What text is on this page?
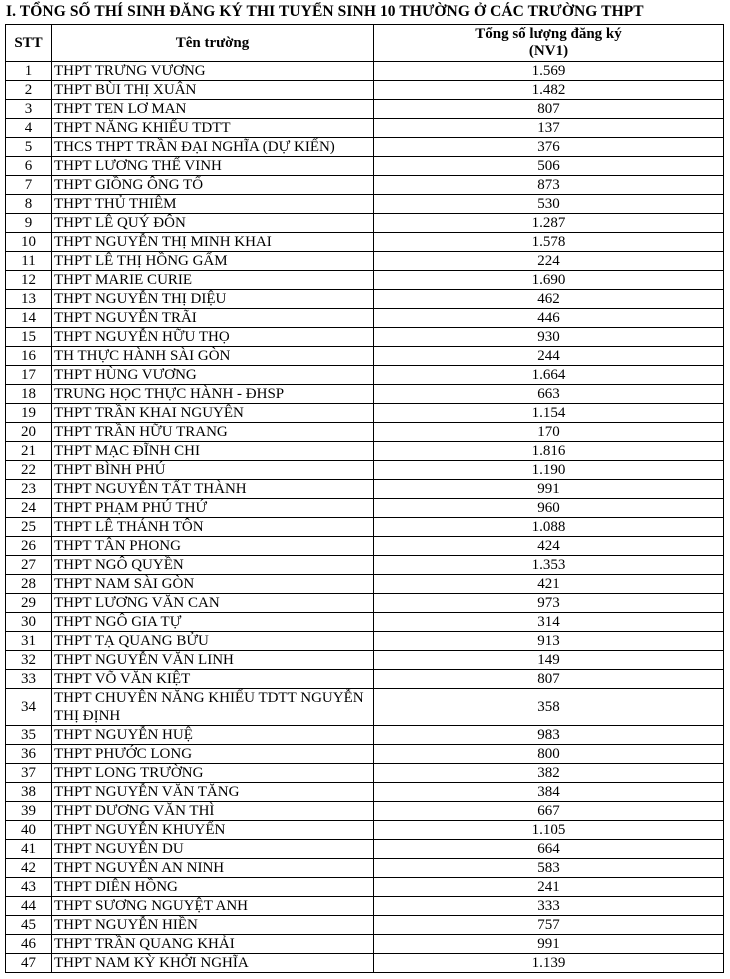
I. TỔNG SỐ THÍ SINH ĐĂNG KÝ THI TUYỂN SINH 10 THƯỜNG Ở CÁC TRƯỜNG THPT
STT	Tên trường	Tổng số lượng đăng ký
(NV1)

1	THPT TRƯNG VƯƠNG	1.569
2	THPT BÙI THỊ XUÂN	1.482
3	THPT TEN LƠ MAN	807
4	THPT NĂNG KHIẾU TDTT	137
5	THCS THPT TRẦN ĐẠI NGHĨA (DỰ KIẾN)	376
6	THPT LƯƠNG THẾ VINH	506
7	THPT GIỒNG ÔNG TỐ	873
8	THPT THỦ THIÊM	530
9	THPT LÊ QUÝ ĐÔN	1.287
10	THPT NGUYỄN THỊ MINH KHAI	1.578
11	THPT LÊ THỊ HỒNG GẤM	224
12	THPT MARIE CURIE	1.690
13	THPT NGUYỄN THỊ DIỆU	462
14	THPT NGUYỄN TRÃI	446
15	THPT NGUYỄN HỮU THỌ	930
16	TH THỰC HÀNH SÀI GÒN	244
17	THPT HÙNG VƯƠNG	1.664
18	TRUNG HỌC THỰC HÀNH - ĐHSP	663
19	THPT TRẦN KHAI NGUYÊN	1.154
20	THPT TRẦN HỮU TRANG	170
21	THPT MẠC ĐĨNH CHI	1.816
22	THPT BÌNH PHÚ	1.190
23	THPT NGUYỄN TẤT THÀNH	991
24	THPT PHẠM PHÚ THỨ	960
25	THPT LÊ THÁNH TÔN	1.088
26	THPT TÂN PHONG	424
27	THPT NGÔ QUYỀN	1.353
28	THPT NAM SÀI GÒN	421
29	THPT LƯƠNG VĂN CAN	973
30	THPT NGÔ GIA TỰ	314
31	THPT TẠ QUANG BỬU	913
32	THPT NGUYỄN VĂN LINH	149
33	THPT VÕ VĂN KIỆT	807
34	THPT CHUYÊN NĂNG KHIẾU TDTT NGUYỄN THỊ ĐỊNH	358
35	THPT NGUYỄN HUỆ	983
36	THPT PHƯỚC LONG	800
37	THPT LONG TRƯỜNG	382
38	THPT NGUYỄN VĂN TĂNG	384
39	THPT DƯƠNG VĂN THÌ	667
40	THPT NGUYỄN KHUYẾN	1.105
41	THPT NGUYỄN DU	664
42	THPT NGUYỄN AN NINH	583
43	THPT DIÊN HỒNG	241
44	THPT SƯƠNG NGUYỆT ANH	333
45	THPT NGUYỄN HIỀN	757
46	THPT TRẦN QUANG KHẢI	991
47	THPT NAM KỲ KHỞI NGHĨA	1.139
